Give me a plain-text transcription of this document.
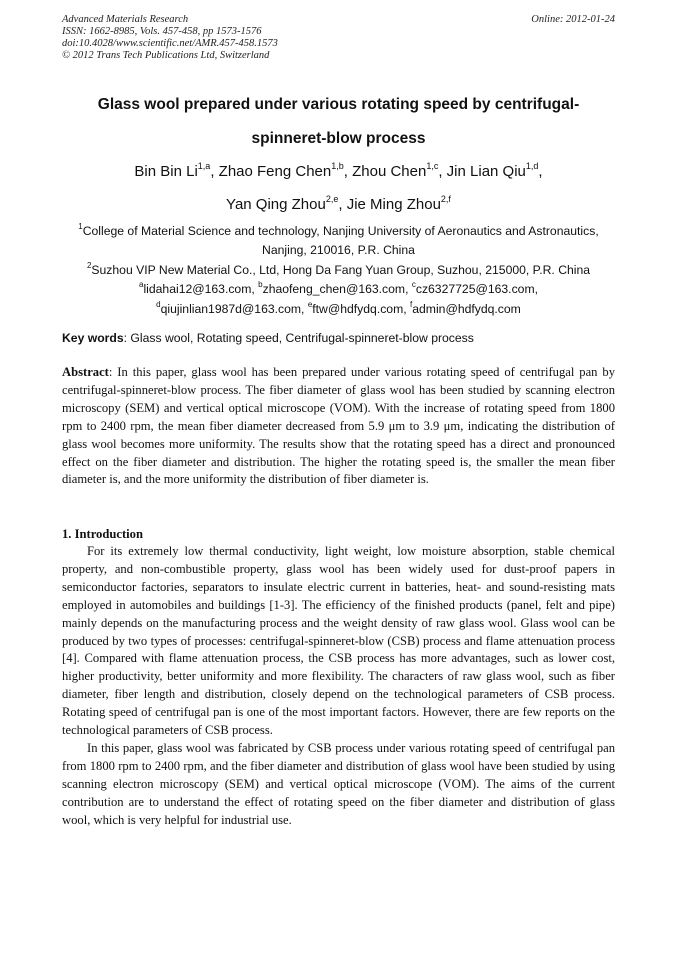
Advanced Materials Research
ISSN: 1662-8985, Vols. 457-458, pp 1573-1576
doi:10.4028/www.scientific.net/AMR.457-458.1573
© 2012 Trans Tech Publications Ltd, Switzerland
Online: 2012-01-24
Glass wool prepared under various rotating speed by centrifugal-
spinneret-blow process
Bin Bin Li$^{1,a}$, Zhao Feng Chen$^{1,b}$, Zhou Chen$^{1,c}$, Jin Lian Qiu$^{1,d}$,
Yan Qing Zhou$^{2,e}$, Jie Ming Zhou$^{2,f}$
$^1$College of Material Science and technology, Nanjing University of Aeronautics and Astronautics,
Nanjing, 210016, P.R. China
$^2$Suzhou VIP New Material Co., Ltd, Hong Da Fang Yuan Group, Suzhou, 215000, P.R. China
$^a$lidahai12@163.com, $^b$zhaofeng_chen@163.com, $^c$cz6327725@163.com,
$^d$qiujinlian1987d@163.com, $^e$ftw@hdfydq.com, $^f$admin@hdfydq.com
Key words: Glass wool, Rotating speed, Centrifugal-spinneret-blow process
Abstract: In this paper, glass wool has been prepared under various rotating speed of centrifugal pan by centrifugal-spinneret-blow process. The fiber diameter of glass wool has been studied by scanning electron microscopy (SEM) and vertical optical microscope (VOM). With the increase of rotating speed from 1800 rpm to 2400 rpm, the mean fiber diameter decreased from 5.9 μm to 3.9 μm, indicating the distribution of glass wool becomes more uniformity. The results show that the rotating speed has a direct and pronounced effect on the fiber diameter and distribution. The higher the rotating speed is, the smaller the mean fiber diameter is, and the more uniformity the distribution of fiber diameter is.
1. Introduction

For its extremely low thermal conductivity, light weight, low moisture absorption, stable chemical property, and non-combustible property, glass wool has been widely used for dust-proof papers in semiconductor factories, separators to insulate electric current in batteries, heat- and sound-resisting mats employed in automobiles and buildings [1-3]. The efficiency of the finished products (panel, felt and pipe) mainly depends on the manufacturing process and the weight density of raw glass wool. Glass wool can be produced by two types of processes: centrifugal-spinneret-blow (CSB) process and flame attenuation process [4]. Compared with flame attenuation process, the CSB process has more advantages, such as lower cost, higher productivity, better uniformity and more flexibility. The characters of raw glass wool, such as fiber diameter, fiber length and distribution, closely depend on the technological parameters of CSB process. Rotating speed of centrifugal pan is one of the most important factors. However, there are few reports on the technological parameters of CSB process.

In this paper, glass wool was fabricated by CSB process under various rotating speed of centrifugal pan from 1800 rpm to 2400 rpm, and the fiber diameter and distribution of glass wool have been studied by using scanning electron microscopy (SEM) and vertical optical microscope (VOM). The aims of the current contribution are to understand the effect of rotating speed on the fiber diameter and distribution of glass wool, which is very helpful for industrial use.
